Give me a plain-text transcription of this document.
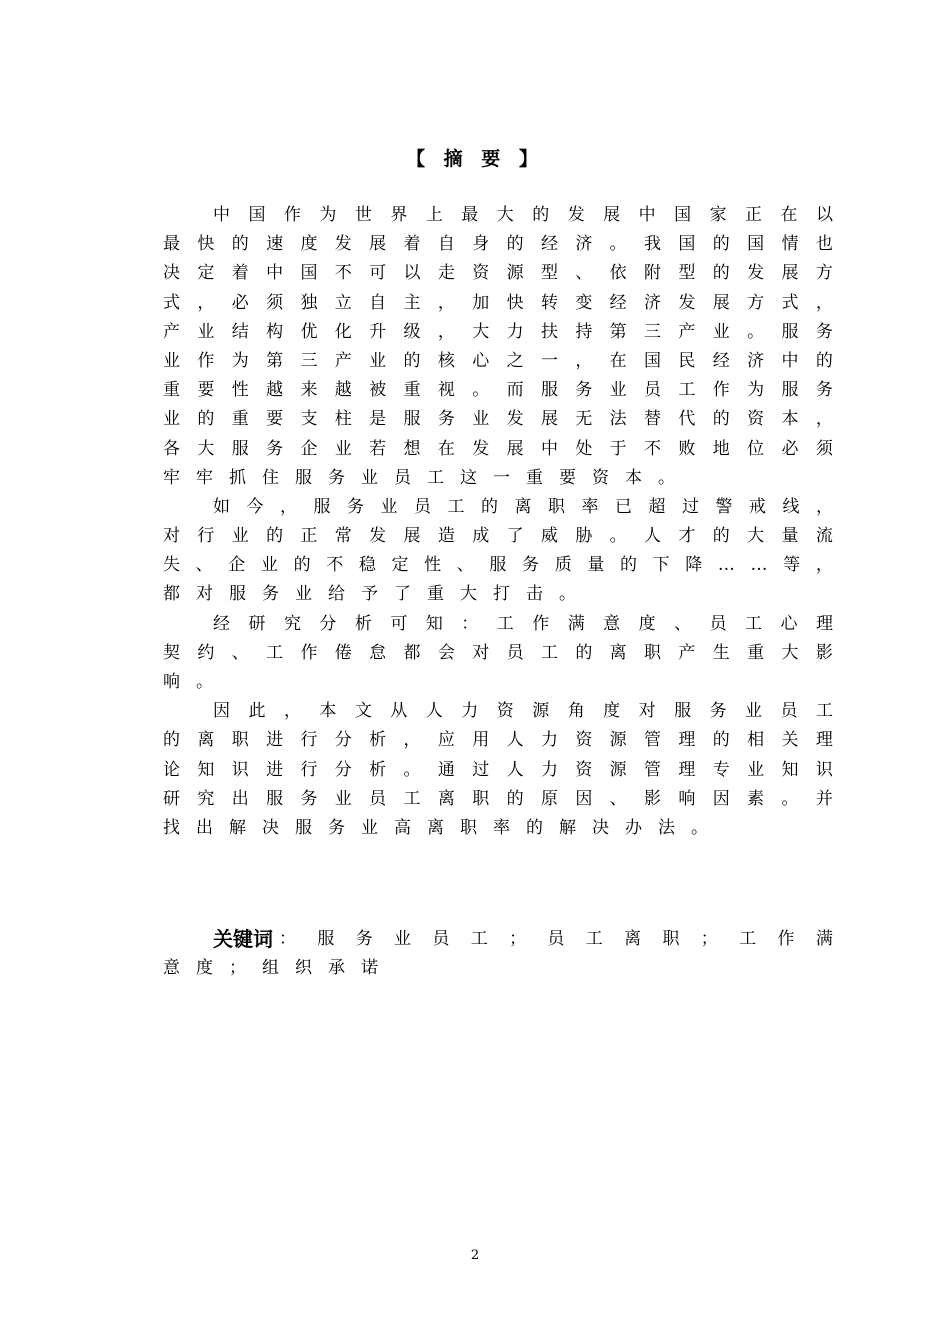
【 摘 要 】
中 国 作 为 世 界 上 最 大 的 发 展 中 国 家 正 在 以
最 快 的 速 度 发 展 着 自 身 的 经 济 。 我 国 的 国 情 也
决 定 着 中 国 不 可 以 走 资 源 型 、 依 附 型 的 发 展 方
式 ， 必 须 独 立 自 主 ， 加 快 转 变 经 济 发 展 方 式 ，
产 业 结 构 优 化 升 级 ， 大 力 扶 持 第 三 产 业 。 服 务
业 作 为 第 三 产 业 的 核 心 之 一 ， 在 国 民 经 济 中 的
重 要 性 越 来 越 被 重 视 。 而 服 务 业 员 工 作 为 服 务
业 的 重 要 支 柱 是 服 务 业 发 展 无 法 替 代 的 资 本 ，
各 大 服 务 企 业 若 想 在 发 展 中 处 于 不 败 地 位 必 须
牢 牢 抓 住 服 务 业 员 工 这 一 重 要 资 本 。
如 今 ， 服 务 业 员 工 的 离 职 率 已 超 过 警 戒 线 ，
对 行 业 的 正 常 发 展 造 成 了 威 胁 。 人 才 的 大 量 流
失 、 企 业 的 不 稳 定 性 、 服 务 质 量 的 下 降 … … 等 ，
都 对 服 务 业 给 予 了 重 大 打 击 。
经 研 究 分 析 可 知 ： 工 作 满 意 度 、 员 工 心 理
契 约 、 工 作 倦 怠 都 会 对 员 工 的 离 职 产 生 重 大 影
响 。
因 此 ， 本 文 从 人 力 资 源 角 度 对 服 务 业 员 工
的 离 职 进 行 分 析 ， 应 用 人 力 资 源 管 理 的 相 关 理
论 知 识 进 行 分 析 。 通 过 人 力 资 源 管 理 专 业 知 识
研 究 出 服 务 业 员 工 离 职 的 原 因 、 影 响 因 素 。 并
找 出 解 决 服 务 业 高 离 职 率 的 解 决 办 法 。
关键词 ： 服 务 业 员 工 ； 员 工 离 职 ； 工 作 满
意 度 ； 组 织 承 诺
2
